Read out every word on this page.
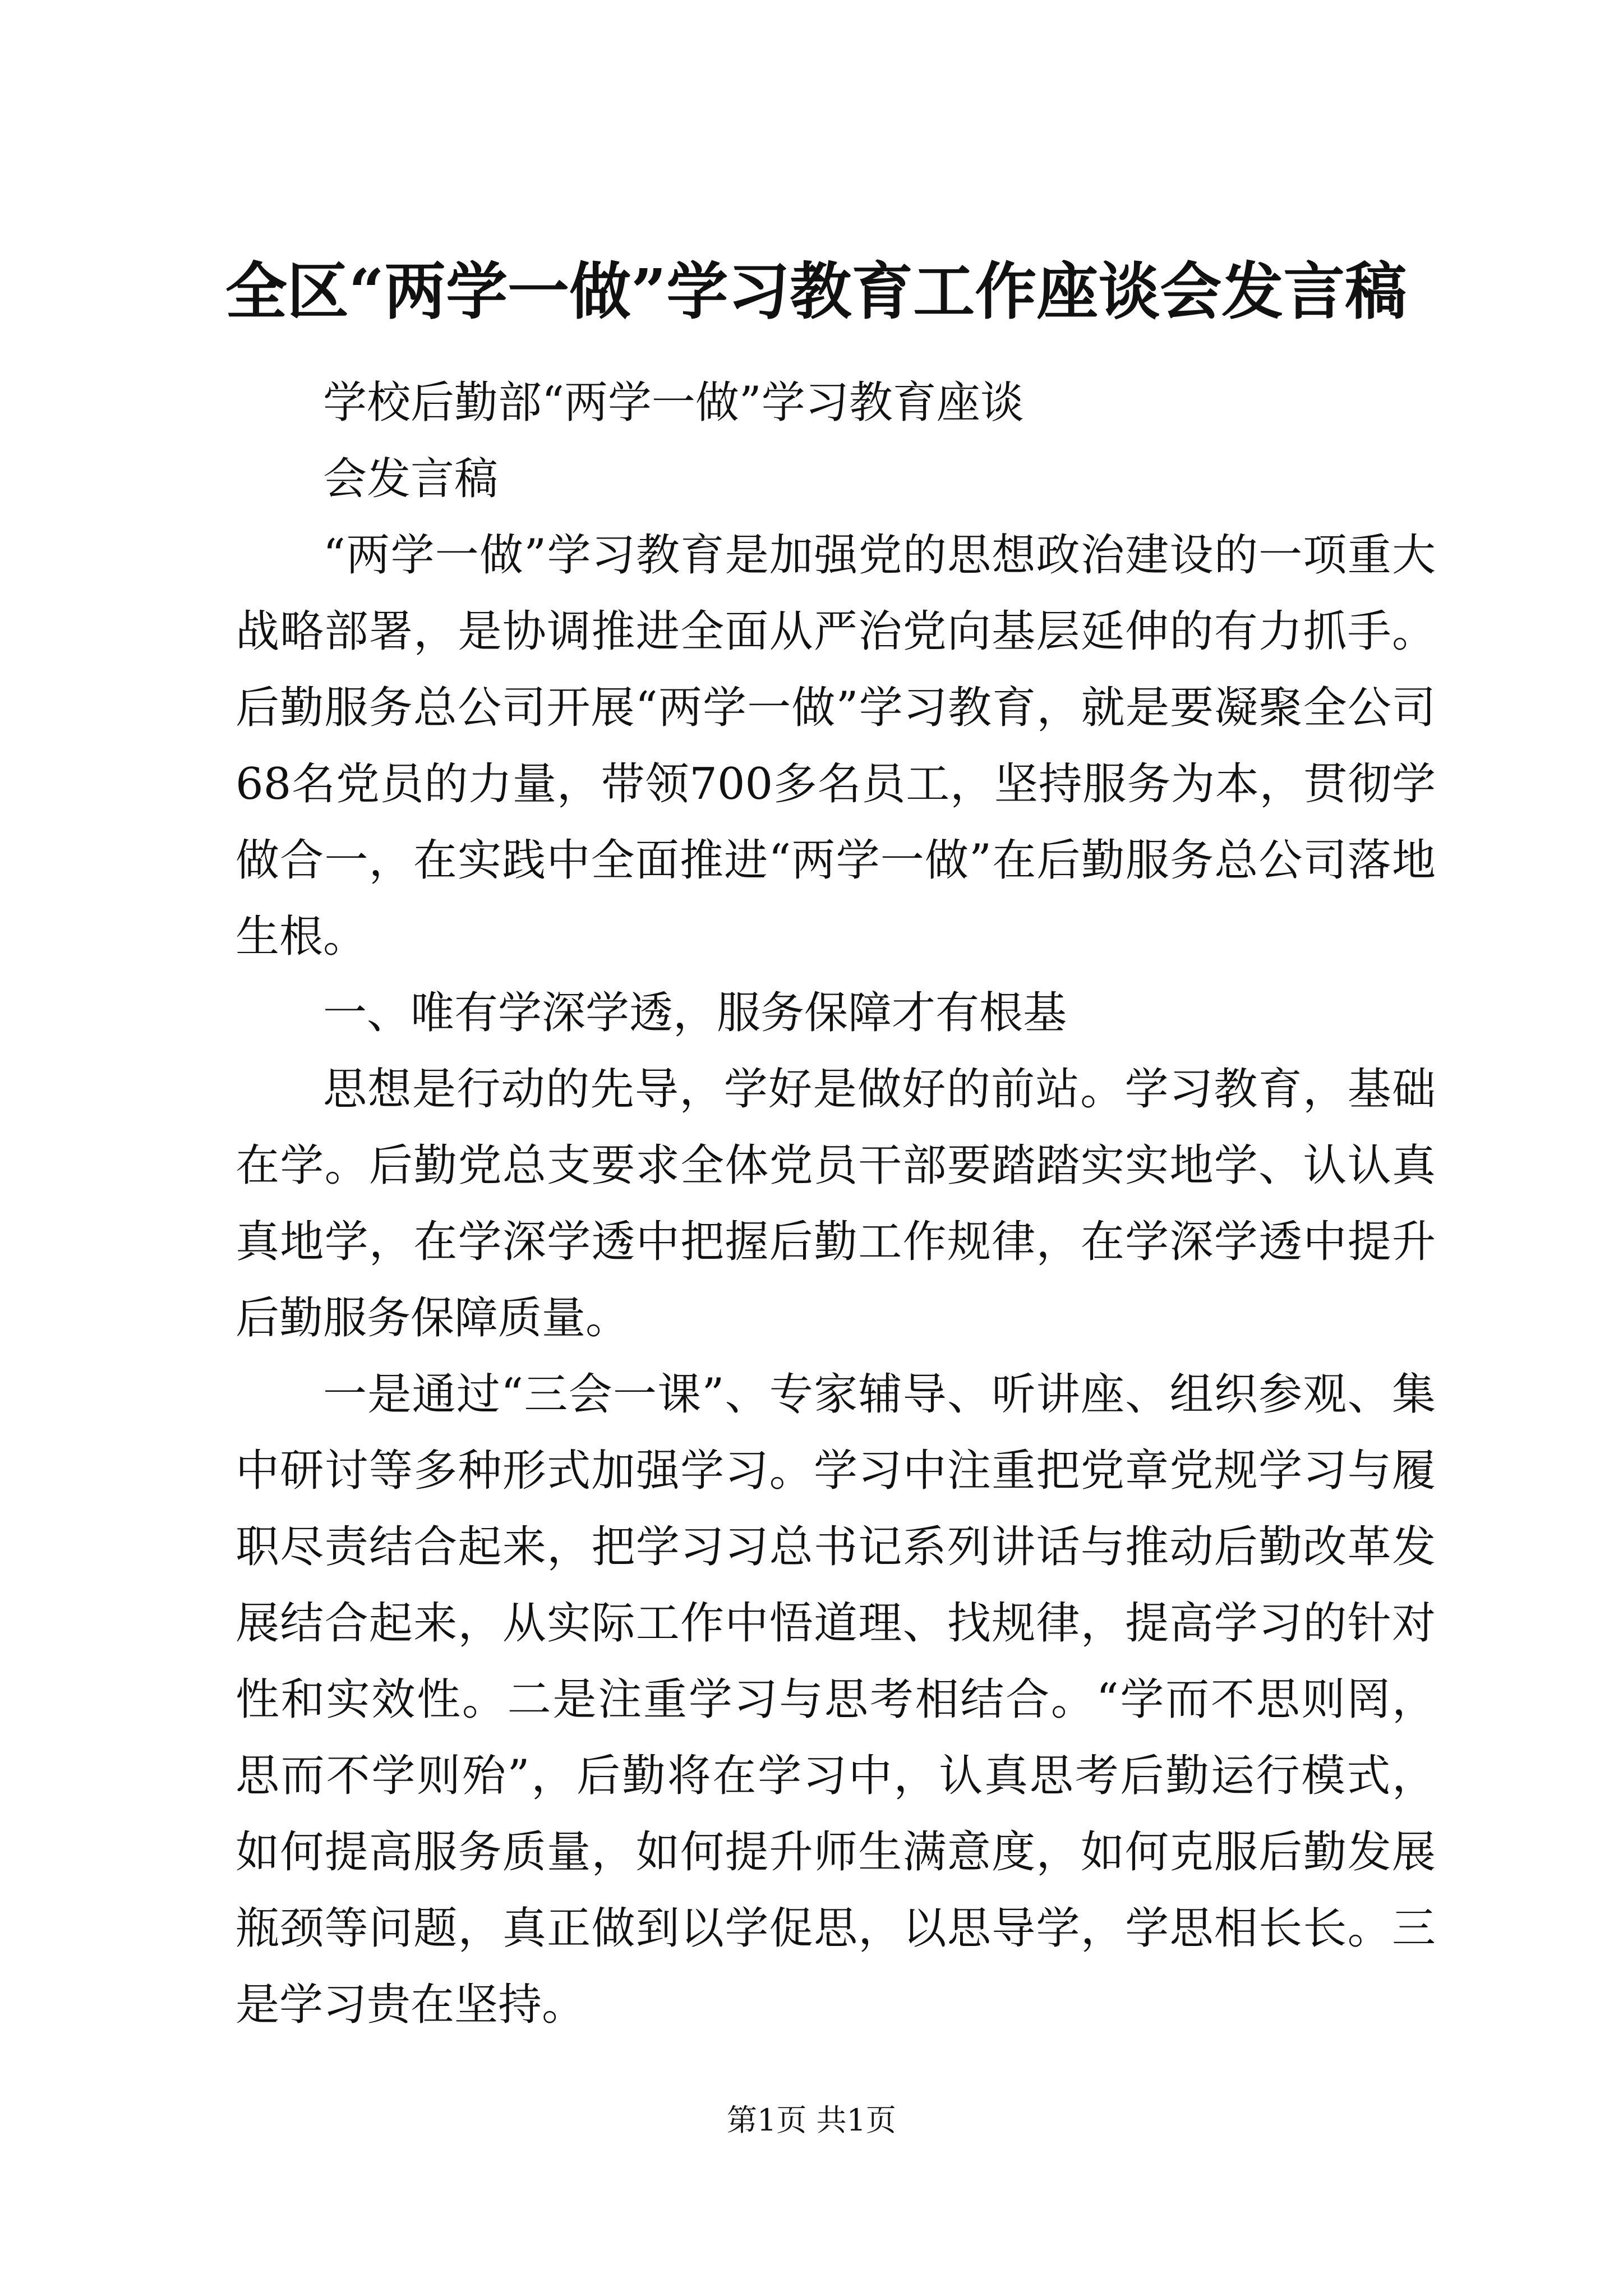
全区“两学一做”学习教育工作座谈会发言稿

学校后勤部“两学一做”学习教育座谈

会发言稿

“两学一做”学习教育是加强党的思想政治建设的一项重大战略部署，是协调推进全面从严治党向基层延伸的有力抓手。后勤服务总公司开展“两学一做”学习教育，就是要凝聚全公司68名党员的力量，带领700多名员工，坚持服务为本，贯彻学做合一，在实践中全面推进“两学一做”在后勤服务总公司落地生根。

一、唯有学深学透，服务保障才有根基

思想是行动的先导，学好是做好的前站。学习教育，基础在学。后勤党总支要求全体党员干部要踏踏实实地学、认认真真地学，在学深学透中把握后勤工作规律，在学深学透中提升后勤服务保障质量。

一是通过“三会一课”、专家辅导、听讲座、组织参观、集中研讨等多种形式加强学习。学习中注重把党章党规学习与履职尽责结合起来，把学习习总书记系列讲话与推动后勤改革发展结合起来，从实际工作中悟道理、找规律，提高学习的针对性和实效性。二是注重学习与思考相结合。“学而不思则罔，思而不学则殆”，后勤将在学习中，认真思考后勤运行模式，如何提高服务质量，如何提升师生满意度，如何克服后勤发展瓶颈等问题，真正做到以学促思，以思导学，学思相长长。三是学习贵在坚持。

第1页 共1页
